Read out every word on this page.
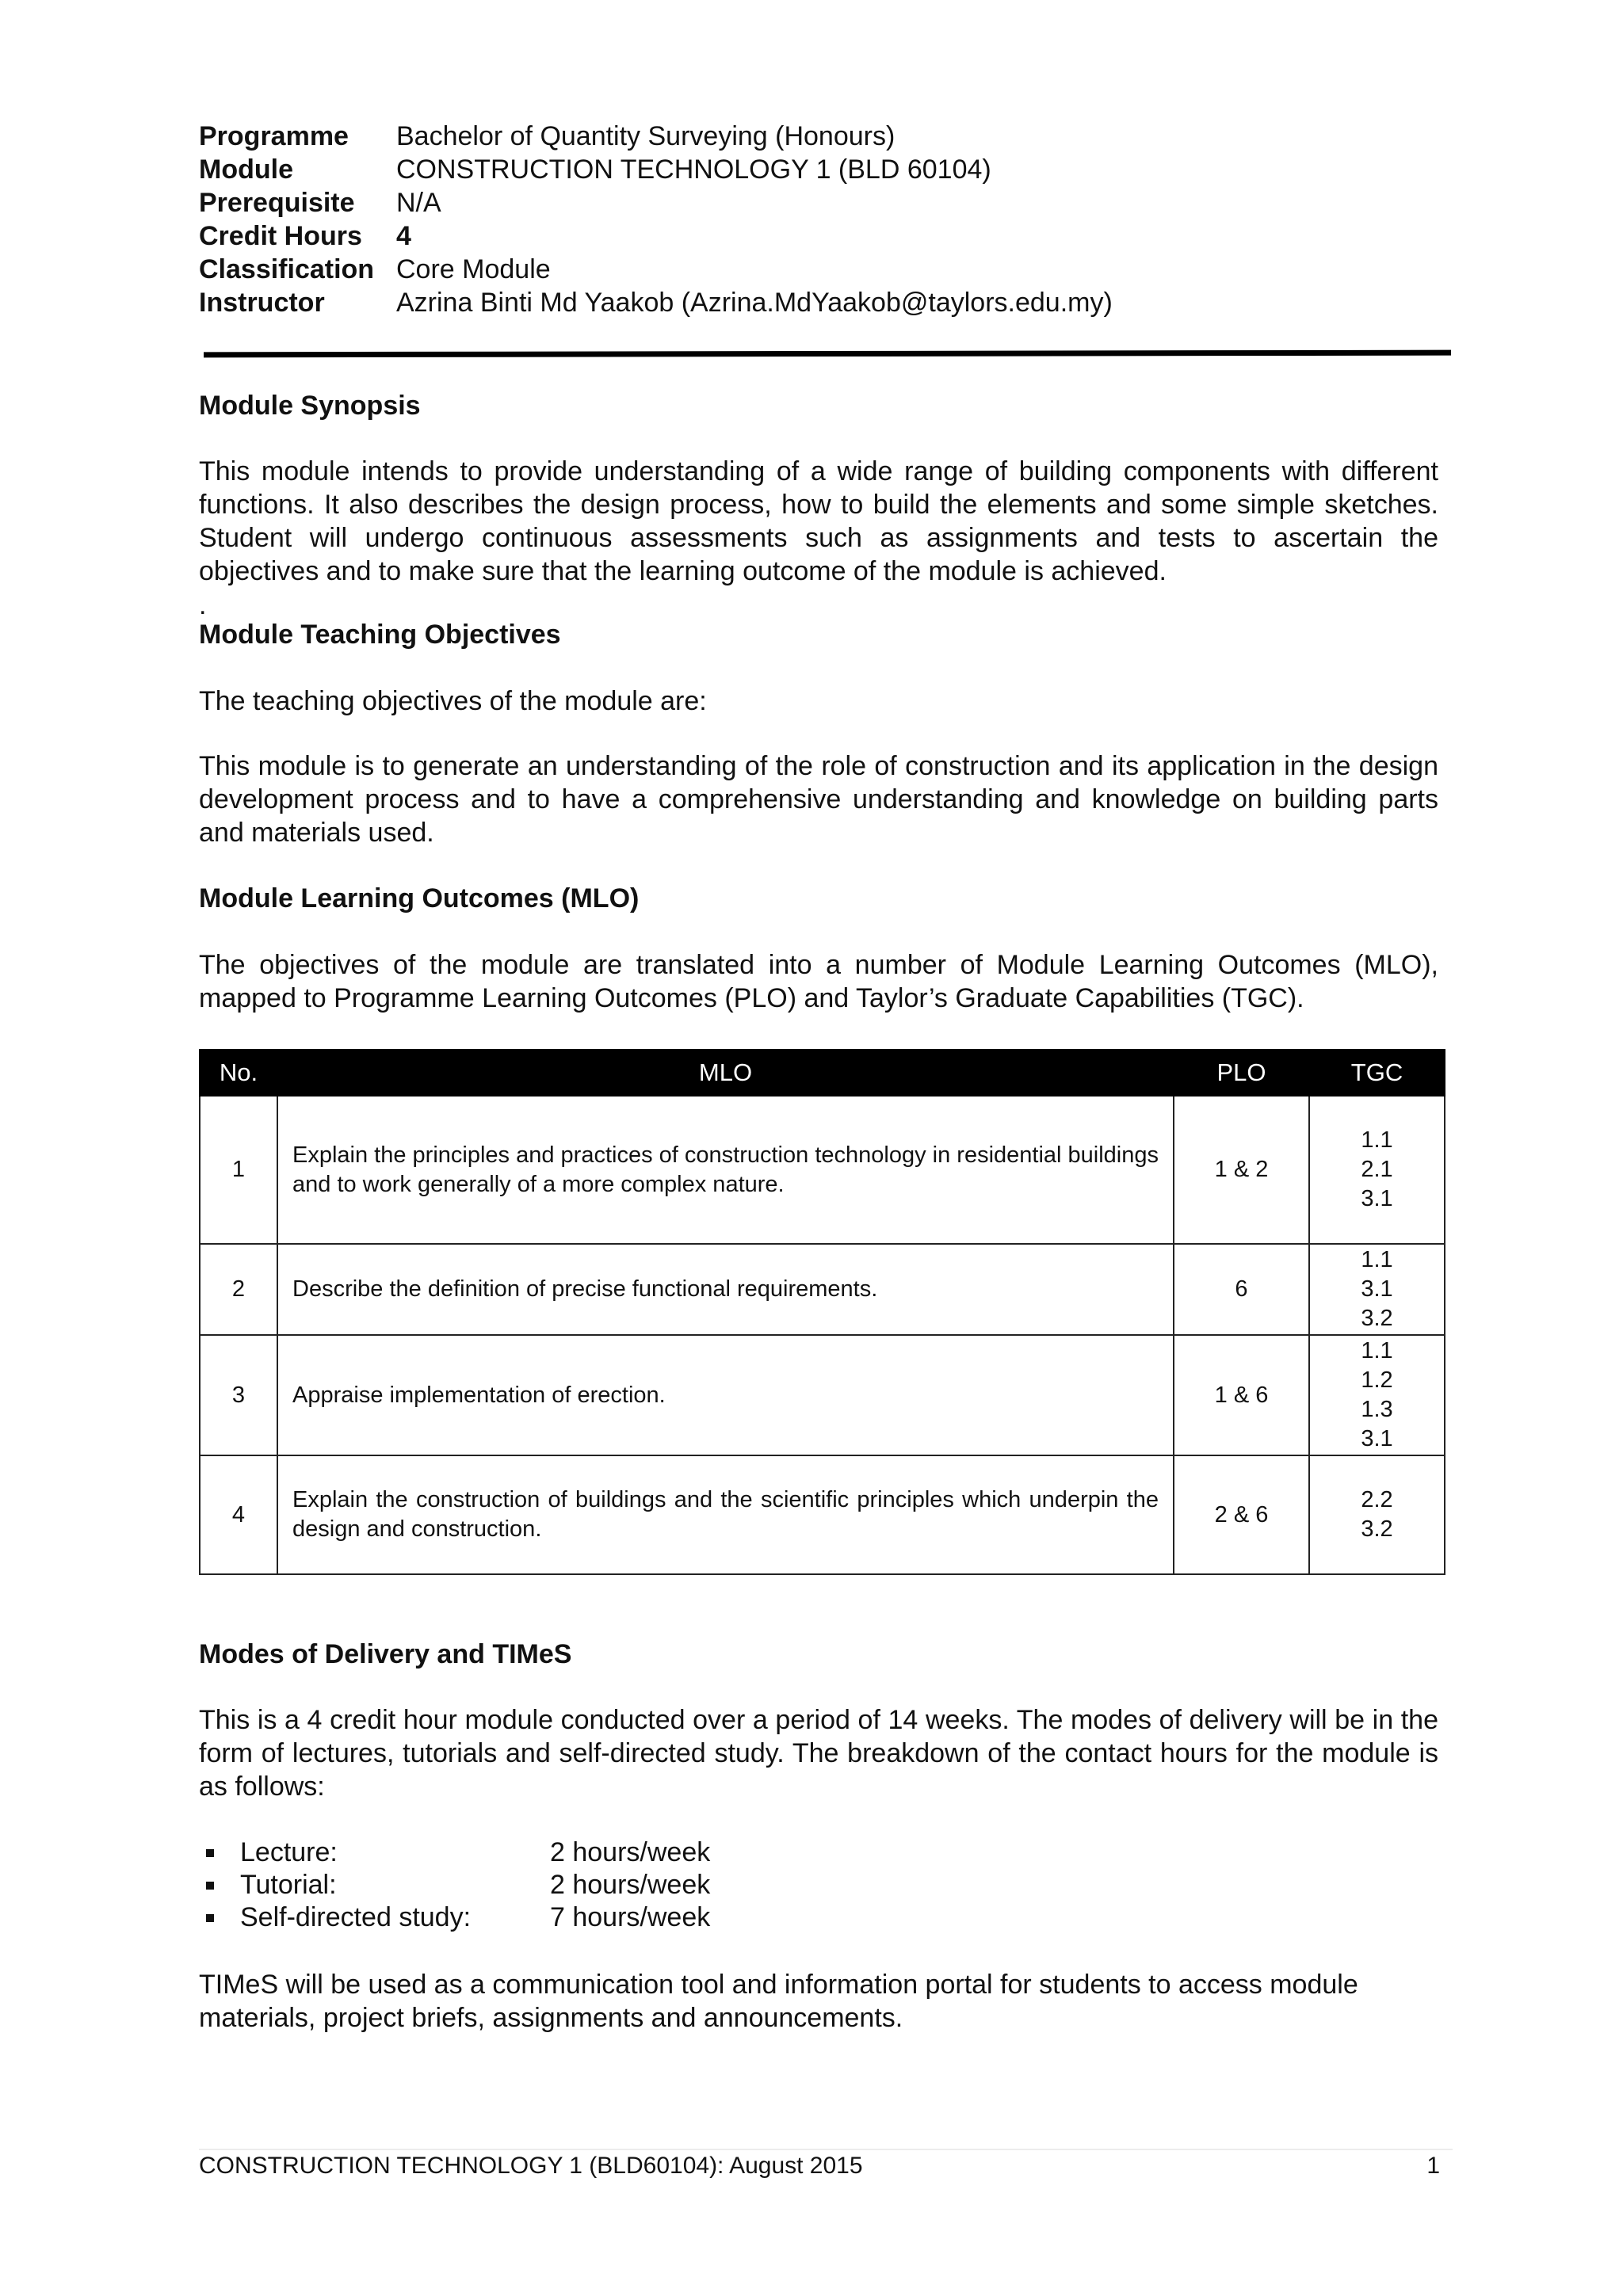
Programme	Bachelor of Quantity Surveying (Honours)
Module	CONSTRUCTION TECHNOLOGY 1 (BLD 60104)
Prerequisite	N/A
Credit Hours	4
Classification Core Module
Instructor	Azrina Binti Md Yaakob (Azrina.MdYaakob@taylors.edu.my)
Module Synopsis
This module intends to provide understanding of a wide range of building components with different functions. It also describes the design process, how to build the elements and some simple sketches. Student will undergo continuous assessments such as assignments and tests to ascertain the objectives and to make sure that the learning outcome of the module is achieved.
.
Module Teaching Objectives
The teaching objectives of the module are:
This module is to generate an understanding of the role of construction and its application in the design development process and to have a comprehensive understanding and knowledge on building parts and materials used.
Module Learning Outcomes (MLO)
The objectives of the module are translated into a number of Module Learning Outcomes (MLO), mapped to Programme Learning Outcomes (PLO) and Taylor’s Graduate Capabilities (TGC).
No.	MLO	PLO	TGC
1	Explain the principles and practices of construction technology in residential buildings and to work generally of a more complex nature.	1 & 2	1.1
2.1
3.1

2	Describe the definition of precise functional requirements.	6	1.1
3.1
3.2

3	Appraise implementation of erection.	1 & 6	1.1
1.2
1.3
3.1

4	Explain the construction of buildings and the scientific principles which underpin the design and construction.	2 & 6	2.2
3.2
Modes of Delivery and TIMeS
This is a 4 credit hour module conducted over a period of 14 weeks. The modes of delivery will be in the form of lectures, tutorials and self-directed study. The breakdown of the contact hours for the module is as follows:
Lecture:	2 hours/week
Tutorial:	2 hours/week
Self-directed study:	7 hours/week
TIMeS will be used as a communication tool and information portal for students to access module materials, project briefs, assignments and announcements.
CONSTRUCTION TECHNOLOGY 1 (BLD60104): August 2015	1
